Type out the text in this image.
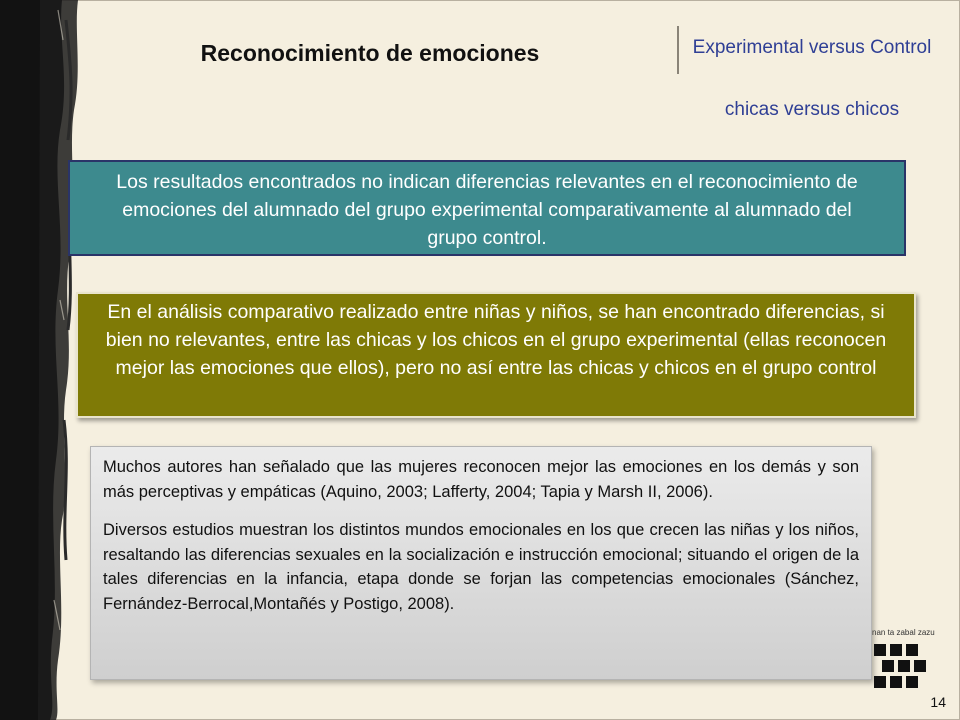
Reconocimiento de emociones	Experimental versus Control
chicas versus chicos
Los resultados encontrados no indican diferencias relevantes en el reconocimiento de emociones del alumnado del grupo experimental comparativamente al alumnado del grupo control.
En el análisis comparativo realizado entre niñas y niños, se han encontrado diferencias, si bien no relevantes, entre las chicas y los chicos en el grupo experimental (ellas reconocen mejor las emociones que ellos), pero no así entre las chicas y chicos en el grupo control

Muchos autores han señalado que las mujeres reconocen mejor las emociones en los demás y son más perceptivas y empáticas (Aquino, 2003; Lafferty, 2004; Tapia y Marsh II, 2006).

Diversos estudios muestran los distintos mundos emocionales en los que crecen las niñas y los niños, resaltando las diferencias sexuales en la socialización e instrucción emocional; situando el origen de la tales diferencias en la infancia, etapa donde se forjan las competencias emocionales (Sánchez, Fernández-Berrocal,Montañés y Postigo, 2008).

nan ta zabal zazu
14
